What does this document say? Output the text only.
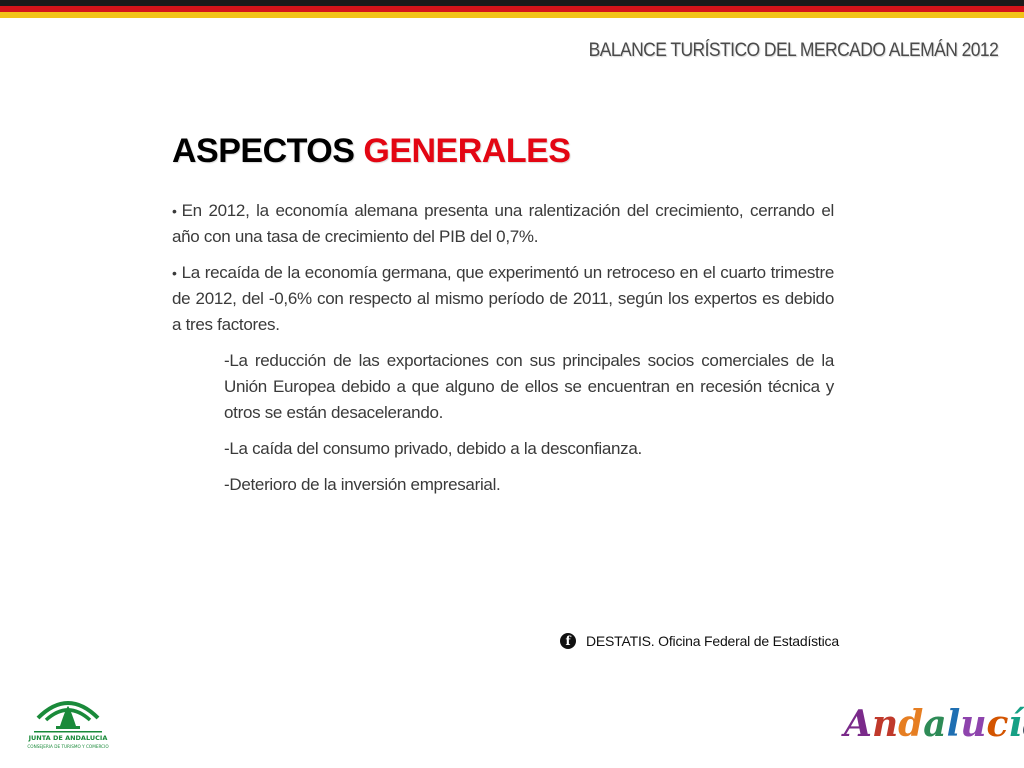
BALANCE TURÍSTICO DEL MERCADO ALEMÁN 2012
ASPECTOS GENERALES

• En 2012, la economía alemana presenta una ralentización del crecimiento, cerrando el año con una tasa de crecimiento del PIB del 0,7%.

• La recaída de la economía germana, que experimentó un retroceso en el cuarto trimestre de 2012, del -0,6% con respecto al mismo período de 2011, según los expertos es debido a tres factores.

-La reducción de las exportaciones con sus principales socios comerciales de la Unión Europea debido a que alguno de ellos se encuentran en recesión técnica y otros se están desacelerando.

-La caída del consumo privado, debido a la desconfianza.

-Deterioro de la inversión empresarial.

f	DESTATIS. Oficina Federal de Estadística
JUNTA DE ANDALUCIA
CONSEJERIA DE TURISMO Y COMERCIO
Andalucí
